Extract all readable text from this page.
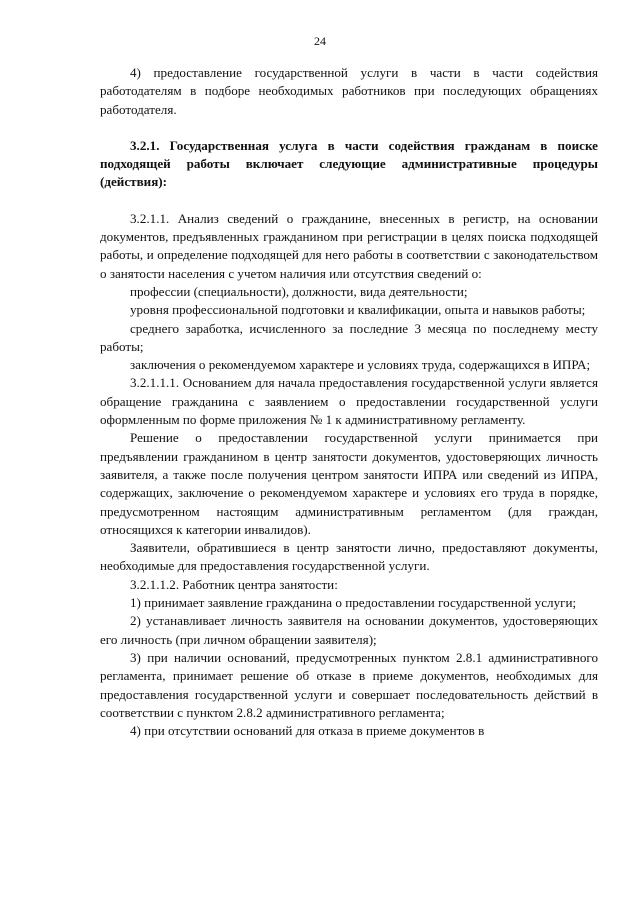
24

4) предоставление государственной услуги в части в части содействия работодателям в подборе необходимых работников при последующих обращениях работодателя.

3.2.1. Государственная услуга в части содействия гражданам в поиске подходящей работы включает следующие административные процедуры (действия):

3.2.1.1. Анализ сведений о гражданине, внесенных в регистр, на основании документов, предъявленных гражданином при регистрации в целях поиска подходящей работы, и определение подходящей для него работы в соответствии с законодательством о занятости населения с учетом наличия или отсутствия сведений о:

профессии (специальности), должности, вида деятельности;

уровня профессиональной подготовки и квалификации, опыта и навыков работы;

среднего заработка, исчисленного за последние 3 месяца по последнему месту работы;

заключения о рекомендуемом характере и условиях труда, содержащихся в ИПРА;

3.2.1.1.1. Основанием для начала предоставления государственной услуги является обращение гражданина с заявлением о предоставлении государственной услуги оформленным по форме приложения № 1 к административному регламенту.

Решение о предоставлении государственной услуги принимается при предъявлении гражданином в центр занятости документов, удостоверяющих личность заявителя, а также после получения центром занятости ИПРА или сведений из ИПРА, содержащих, заключение о рекомендуемом характере и условиях его труда в порядке, предусмотренном настоящим административным регламентом (для граждан, относящихся к категории инвалидов).

Заявители, обратившиеся в центр занятости лично, предоставляют документы, необходимые для предоставления государственной услуги.

3.2.1.1.2. Работник центра занятости:

1) принимает заявление гражданина о предоставлении государственной услуги;

2) устанавливает личность заявителя на основании документов, удостоверяющих его личность (при личном обращении заявителя);

3) при наличии оснований, предусмотренных пунктом 2.8.1 административного регламента, принимает решение об отказе в приеме документов, необходимых для предоставления государственной услуги и совершает последовательность действий в соответствии с пунктом 2.8.2 административного регламента;

4) при отсутствии оснований для отказа в приеме документов в
